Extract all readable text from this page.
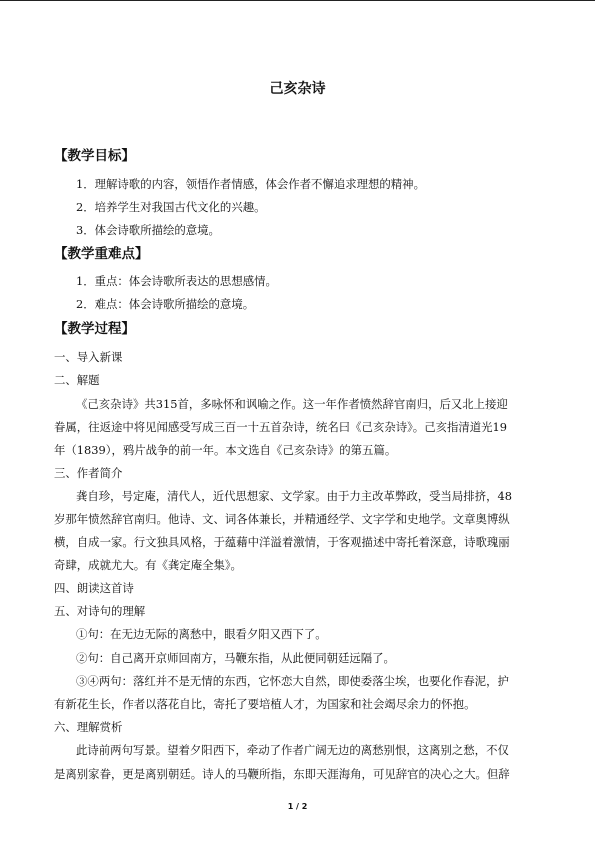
己亥杂诗
【教学目标】
1．理解诗歌的内容，领悟作者情感，体会作者不懈追求理想的精神。
2．培养学生对我国古代文化的兴趣。
3．体会诗歌所描绘的意境。
【教学重难点】
1．重点：体会诗歌所表达的思想感情。
2．难点：体会诗歌所描绘的意境。
【教学过程】
一、导入新课
二、解题
《己亥杂诗》共315首，多咏怀和讽喻之作。这一年作者愤然辞官南归，后又北上接迎
眷属，往返途中将见闻感受写成三百一十五首杂诗，统名曰《己亥杂诗》。己亥指清道光19
年（1839），鸦片战争的前一年。本文选自《己亥杂诗》的第五篇。
三、作者简介
龚自珍，号定庵，清代人，近代思想家、文学家。由于力主改革弊政，受当局排挤，48
岁那年愤然辞官南归。他诗、文、词各体兼长，并精通经学、文字学和史地学。文章奥博纵
横，自成一家。行文独具风格，于蕴藉中洋溢着激情，于客观描述中寄托着深意，诗歌瑰丽
奇肆，成就尤大。有《龚定庵全集》。
四、朗读这首诗
五、对诗句的理解
①句：在无边无际的离愁中，眼看夕阳又西下了。
②句：自己离开京师回南方，马鞭东指，从此便同朝廷远隔了。
③④两句：落红并不是无情的东西，它怀恋大自然，即使委落尘埃，也要化作春泥，护
有新花生长，作者以落花自比，寄托了要培植人才，为国家和社会竭尽余力的怀抱。
六、理解赏析
此诗前两句写景。望着夕阳西下，牵动了作者广阔无边的离愁别恨，这离别之愁，不仅
是离别家眷，更是离别朝廷。诗人的马鞭所指，东即天涯海角，可见辞官的决心之大。但辞
1 / 2
